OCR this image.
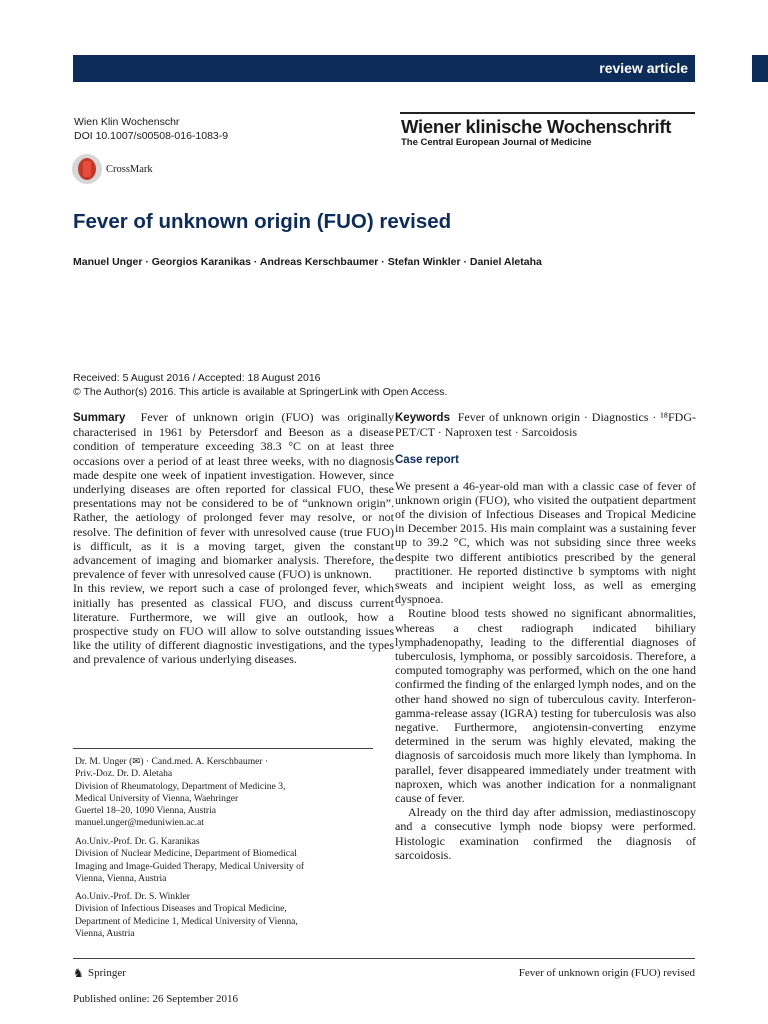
review article
Wien Klin Wochenschr
DOI 10.1007/s00508-016-1083-9	Wiener klinische Wochenschrift
The Central European Journal of Medicine
CrossMark
Fever of unknown origin (FUO) revised
Manuel Unger · Georgios Karanikas · Andreas Kerschbaumer · Stefan Winkler · Daniel Aletaha
Received: 5 August 2016 / Accepted: 18 August 2016
© The Author(s) 2016. This article is available at SpringerLink with Open Access.

Summary Fever of unknown origin (FUO) was originally characterised in 1961 by Petersdorf and Beeson as a disease condition of temperature exceeding 38.3 °C on at least three occasions over a period of at least three weeks, with no diagnosis made despite one week of inpatient investigation. However, since underlying diseases are often reported for classical FUO, these presentations may not be considered to be of “unknown origin”. Rather, the aetiology of prolonged fever may resolve, or not resolve. The definition of fever with unresolved cause (true FUO) is difficult, as it is a moving target, given the constant advancement of imaging and biomarker analysis. Therefore, the prevalence of fever with unresolved cause (FUO) is unknown.

In this review, we report such a case of prolonged fever, which initially has presented as classical FUO, and discuss current literature. Furthermore, we will give an outlook, how a prospective study on FUO will allow to solve outstanding issues like the utility of different diagnostic investigations, and the types and prevalence of various underlying diseases.

Dr. M. Unger (✉) · Cand.med. A. Kerschbaumer ·

Priv.-Doz. Dr. D. Aletaha

Division of Rheumatology, Department of Medicine 3,

Medical University of Vienna, Waehringer

Guertel 18–20, 1090 Vienna, Austria

manuel.unger@meduniwien.ac.at

Ao.Univ.-Prof. Dr. G. Karanikas

Division of Nuclear Medicine, Department of Biomedical

Imaging and Image-Guided Therapy, Medical University of

Vienna, Vienna, Austria

Ao.Univ.-Prof. Dr. S. Winkler

Division of Infectious Diseases and Tropical Medicine,

Department of Medicine 1, Medical University of Vienna,

Vienna, Austria

Keywords Fever of unknown origin · Diagnostics · ¹⁸FDG-PET/CT · Naproxen test · Sarcoidosis

Case report

We present a 46-year-old man with a classic case of fever of unknown origin (FUO), who visited the outpatient department of the division of Infectious Diseases and Tropical Medicine in December 2015. His main complaint was a sustaining fever up to 39.2 °C, which was not subsiding since three weeks despite two different antibiotics prescribed by the general practitioner. He reported distinctive b symptoms with night sweats and incipient weight loss, as well as emerging dyspnoea.

Routine blood tests showed no significant abnormalities, whereas a chest radiograph indicated bihiliary lymphadenopathy, leading to the differential diagnoses of tuberculosis, lymphoma, or possibly sarcoidosis. Therefore, a computed tomography was performed, which on the one hand confirmed the finding of the enlarged lymph nodes, and on the other hand showed no sign of tuberculous cavity. Interferon-gamma-release assay (IGRA) testing for tuberculosis was also negative. Furthermore, angiotensin-converting enzyme determined in the serum was highly elevated, making the diagnosis of sarcoidosis much more likely than lymphoma. In parallel, fever disappeared immediately under treatment with naproxen, which was another indication for a nonmalignant cause of fever.

Already on the third day after admission, mediastinoscopy and a consecutive lymph node biopsy were performed. Histologic examination confirmed the diagnosis of sarcoidosis.

♞ Springer	Fever of unknown origin (FUO) revised
Published online: 26 September 2016
